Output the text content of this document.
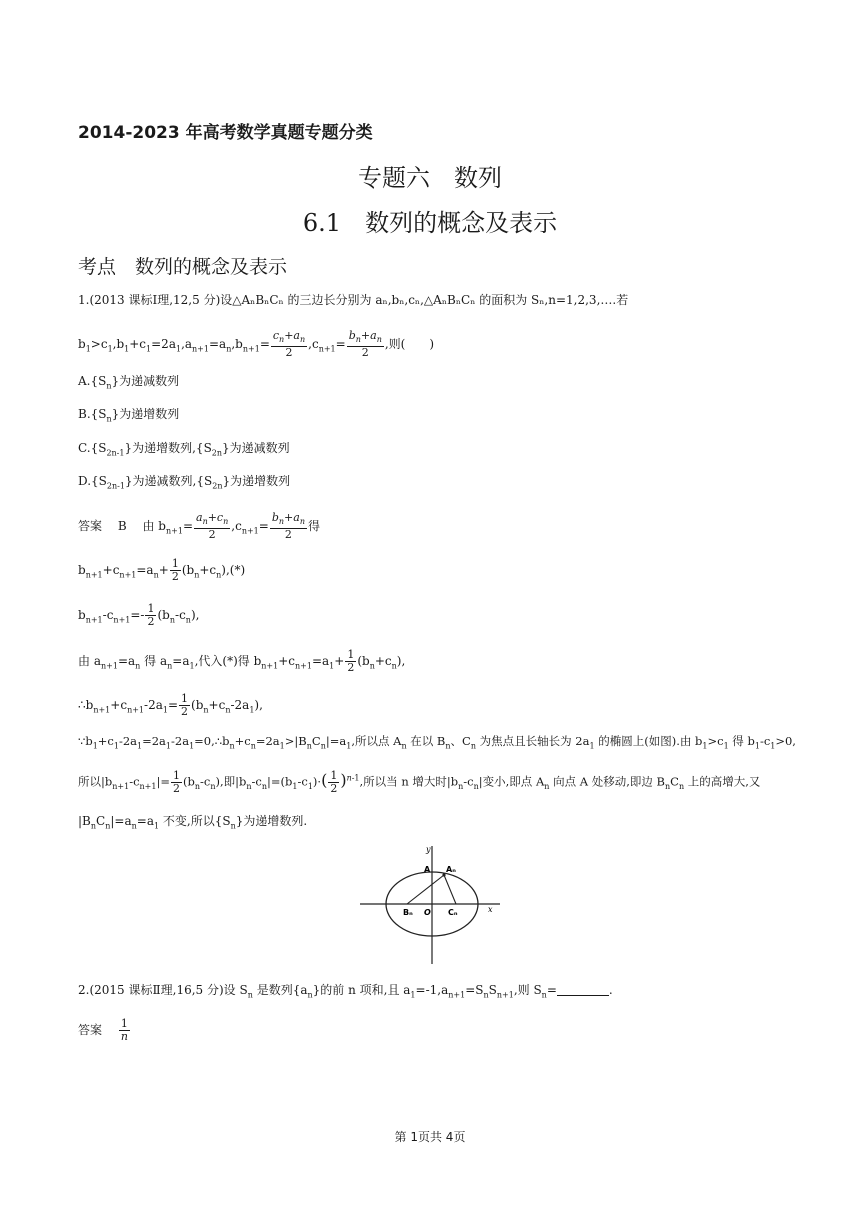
2014-2023 年高考数学真题专题分类
专题六　数列
6.1　数列的概念及表示
考点　数列的概念及表示
1.(2013 课标Ⅰ理,12,5 分)设△AₙBₙCₙ 的三边长分别为 aₙ,bₙ,cₙ,△AₙBₙCₙ 的面积为 Sₙ,n=1,2,3,….若
$b_1>c_1,b_1+c_1=2a_1,a_{n+1}=a_n,b_{n+1}= \frac{c_n+a_n}{2} ,c_{n+1}= \frac{b_n+a_n}{2}$ ,则(　　)
$A.\{S_n\}$为递减数列
$B.\{S_n\}$为递增数列
$C.\{S_{2n-1}\}$为递增数列$,\{S_{2n}\}$为递减数列
$D.\{S_{2n-1}\}$为递减数列$,\{S_{2n}\}$为递增数列
答案　 B　 由 $b_{n+1}= \frac{a_n+c_n}{2} ,c_{n+1}= \frac{b_n+a_n}{2}$ 得
$b_{n+1}+c_{n+1}=a_n+ \frac{1}{2} (b_n+c_n),(*)$
$b_{n+1}-c_{n+1}=- \frac{1}{2} (b_n-c_n)$,
由 $a_{n+1}=a_n$ 得 $a_n=a_1$,代入(*)得 $b_{n+1}+c_{n+1}=a_1+ \frac{1}{2} (b_n+c_n)$,
$\therefore b_{n+1}+c_{n+1}-2a_1= \frac{1}{2} (b_n+c_n-2a_1)$,
$\because b_1+c_1-2a_1=2a_1-2a_1=0,\therefore b_n+c_n=2a_1>|B_nC_n|=a_1$,所以点 $A_n$ 在以 $B_n$、$C_n$ 为焦点且长轴长为 $2a_1$ 的椭圆上(如图).由 $b_1>c_1$ 得 $b_1-c_1>0$,
所以$|b_{n+1}-c_{n+1}|= \frac{1}{2} (b_n-c_n)$,即$|b_n-c_n|=(b_1-c_1)\cdot( \frac{1}{2} )^{n-1}$,所以当 n 增大时$|b_n-c_n|$变小,即点 $A_n$ 向点 A 处移动,即边 $B_nC_n$ 上的高增大,又
$|B_nC_n|=a_n=a_1$ 不变,所以$\{S_n\}$为递增数列.
y
x
A Aₙ
Bₙ O Cₙ
2.(2015 课标Ⅱ理,16,5 分)设 $S_n$ 是数列$\{a_n\}$的前 n 项和,且 $a_1=-1,a_{n+1}=S_nS_{n+1}$,则 $S_n=$	.
答案　 $\frac{1}{n}$
第 1页共 4页
